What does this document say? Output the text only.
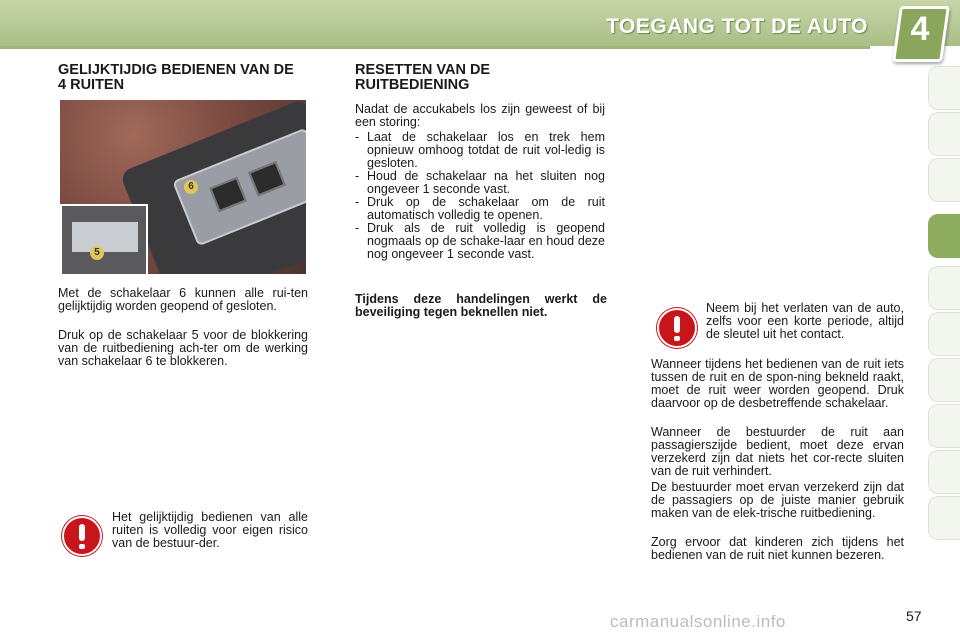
TOEGANG TOT DE AUTO	4
GELIJKTIJDIG BEDIENEN VAN DE 4 RUITEN
6
5

Met de schakelaar 6 kunnen alle rui-ten gelijktijdig worden geopend of gesloten.

Druk op de schakelaar 5 voor de blokkering van de ruitbediening ach-ter om de werking van schakelaar 6 te blokkeren.

Het gelijktijdig bedienen van alle ruiten is volledig voor eigen risico van de bestuur-der.

RESETTEN VAN DE RUITBEDIENING

Nadat de accukabels los zijn geweest of bij een storing:

- Laat de schakelaar los en trek hem opnieuw omhoog totdat de ruit vol-ledig is gesloten.
- Houd de schakelaar na het sluiten nog ongeveer 1 seconde vast.
- Druk op de schakelaar om de ruit automatisch volledig te openen.
- Druk als de ruit volledig is geopend nogmaals op de schake-laar en houd deze nog ongeveer 1 seconde vast.

Tijdens deze handelingen werkt de beveiliging tegen beknellen niet.	Neem bij het verlaten van de auto, zelfs voor een korte periode, altijd de sleutel uit het contact.

Wanneer tijdens het bedienen van de ruit iets tussen de ruit en de spon-ning bekneld raakt, moet de ruit weer worden geopend. Druk daarvoor op de desbetreffende schakelaar.

Wanneer de bestuurder de ruit aan passagierszijde bedient, moet deze ervan verzekerd zijn dat niets het cor-recte sluiten van de ruit verhindert.

De bestuurder moet ervan verzekerd zijn dat de passagiers op de juiste manier gebruik maken van de elek-trische ruitbediening.

Zorg ervoor dat kinderen zich tijdens het bedienen van de ruit niet kunnen bezeren.

carmanualsonline.info	57
